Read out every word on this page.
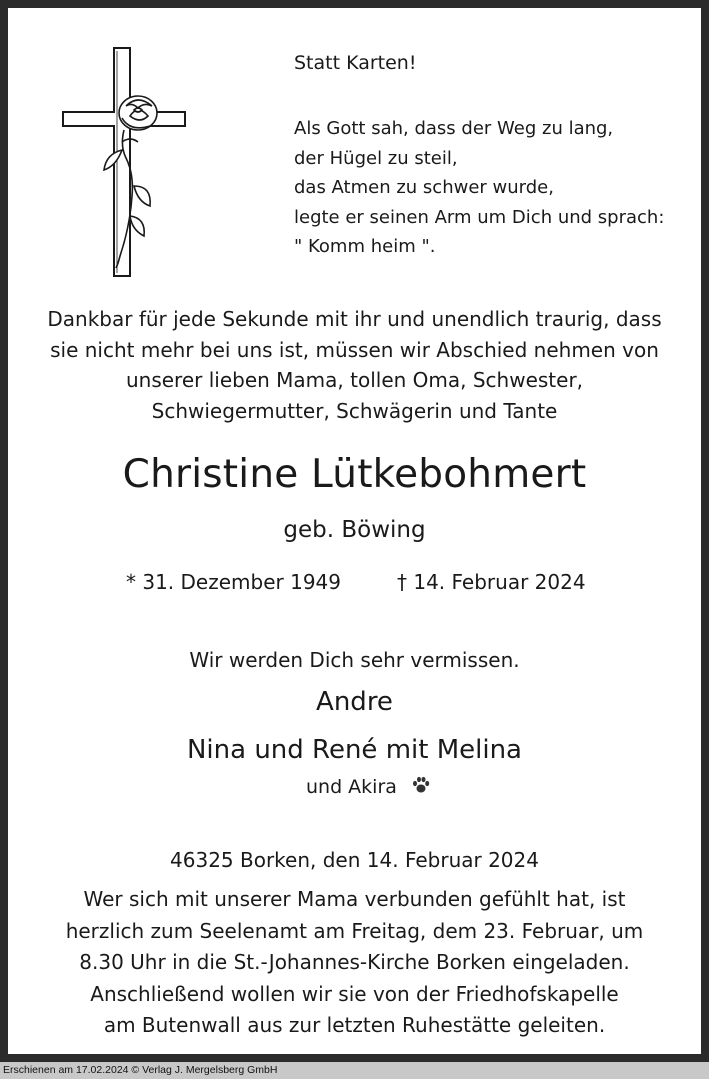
Statt Karten!
Als Gott sah, dass der Weg zu lang,
der Hügel zu steil,
das Atmen zu schwer wurde,
legte er seinen Arm um Dich und sprach:
" Komm heim ".
Dankbar für jede Sekunde mit ihr und unendlich traurig, dass
sie nicht mehr bei uns ist, müssen wir Abschied nehmen von
unserer lieben Mama, tollen Oma, Schwester,
Schwiegermutter, Schwägerin und Tante
Christine Lütkebohmert
geb. Böwing
* 31. Dezember 1949	† 14. Februar 2024
Wir werden Dich sehr vermissen.
Andre
Nina und René mit Melina
und Akira
46325 Borken, den 14. Februar 2024
Wer sich mit unserer Mama verbunden gefühlt hat, ist
herzlich zum Seelenamt am Freitag, dem 23. Februar, um
8.30 Uhr in die St.-Johannes-Kirche Borken eingeladen.
Anschließend wollen wir sie von der Friedhofskapelle
am Butenwall aus zur letzten Ruhestätte geleiten.
Erschienen am 17.02.2024 © Verlag J. Mergelsberg GmbH
